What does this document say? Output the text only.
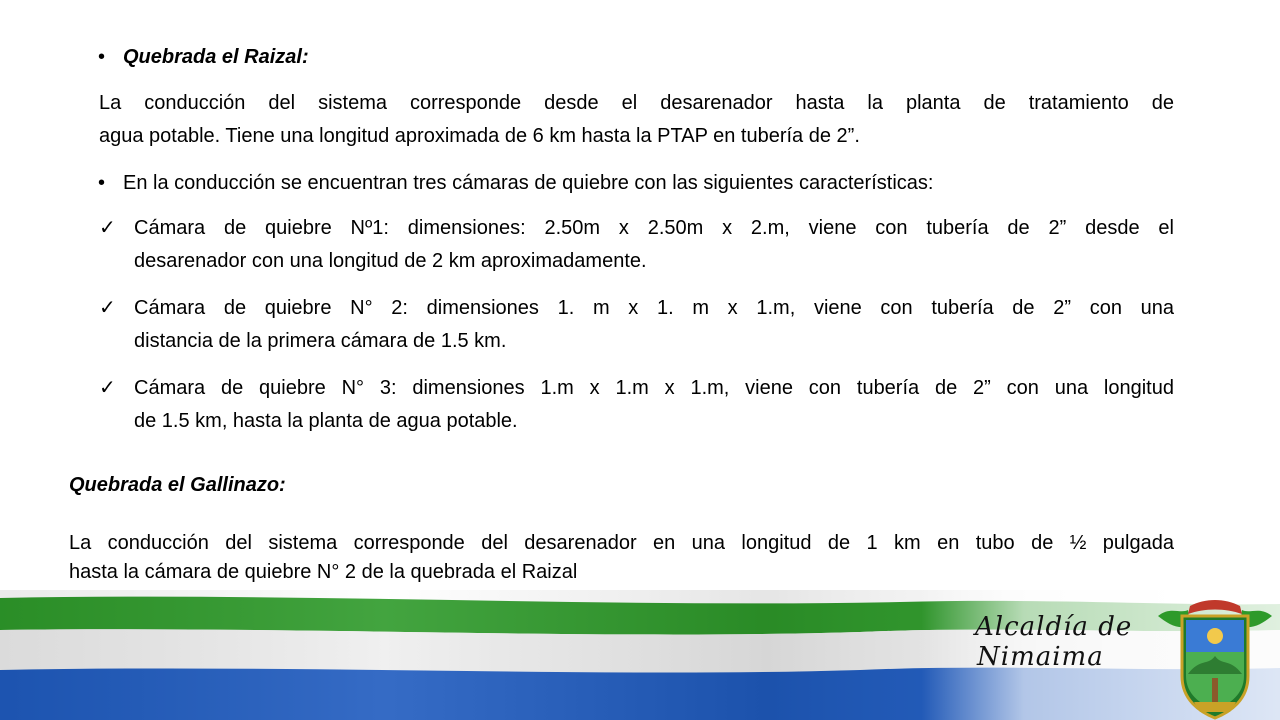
• Quebrada el Raizal:
La conducción del sistema corresponde desde el desarenador hasta la planta de tratamiento de
agua potable. Tiene una longitud aproximada de 6 km hasta la PTAP en tubería de 2”.
• En la conducción se encuentran tres cámaras de quiebre con las siguientes características:
✓ Cámara de quiebre Nº1: dimensiones: 2.50m x 2.50m x 2.m, viene con tubería de 2” desde el
desarenador con una longitud de 2 km aproximadamente.
✓ Cámara de quiebre N° 2: dimensiones 1. m x 1. m x 1.m, viene con tubería de 2” con una
distancia de la primera cámara de 1.5 km.
✓ Cámara de quiebre N° 3: dimensiones 1.m x 1.m x 1.m, viene con tubería de 2” con una longitud
de 1.5 km, hasta la planta de agua potable.
Quebrada el Gallinazo:
La conducción del sistema corresponde del desarenador en una longitud de 1 km en tubo de ½ pulgada
hasta la cámara de quiebre N° 2 de la quebrada el Raizal
Alcaldía de
Nimaima
